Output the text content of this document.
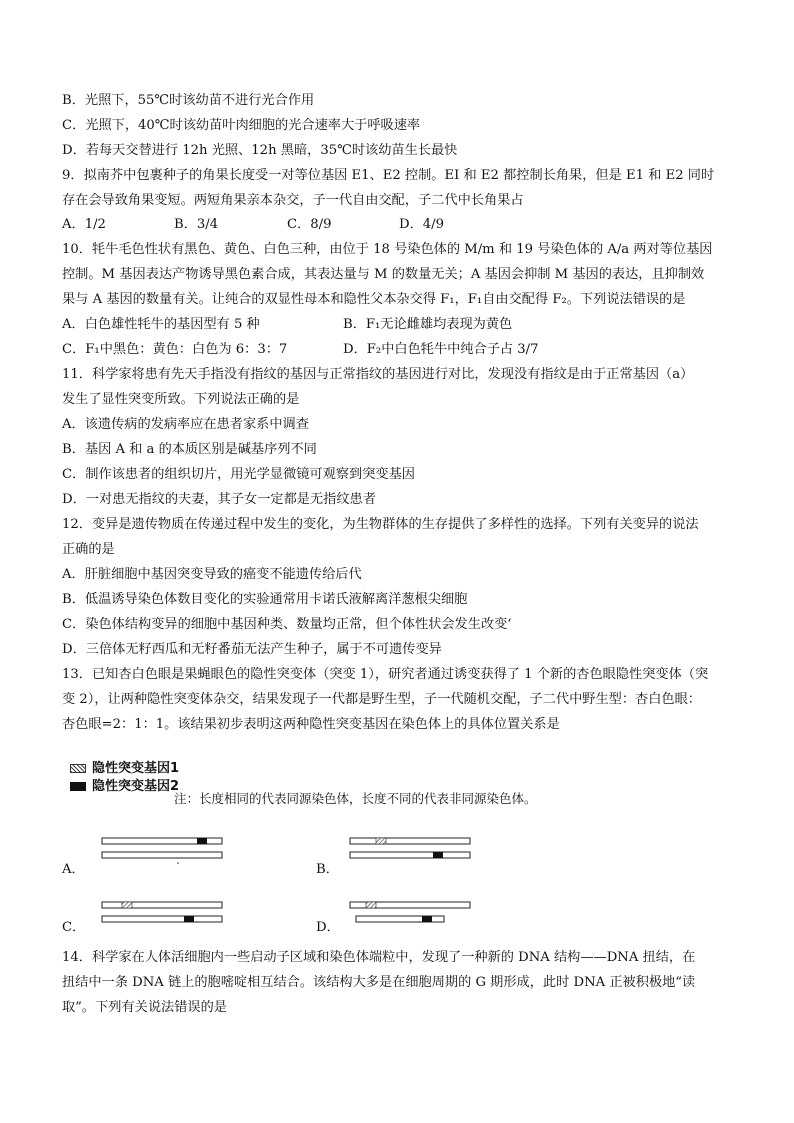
B．光照下，55℃时该幼苗不进行光合作用
C．光照下，40℃时该幼苗叶肉细胞的光合速率大于呼吸速率
D．若每天交替进行 12h 光照、12h 黑暗，35℃时该幼苗生长最快
9．拟南芥中包裹种子的角果长度受一对等位基因 E1、E2 控制。EI 和 E2 都控制长角果，但是 E1 和 E2 同时
存在会导致角果变短。两短角果亲本杂交，子一代自由交配，子二代中长角果占
A．1/2	B．3/4	C．8/9	D．4/9
10．牦牛毛色性状有黑色、黄色、白色三种，由位于 18 号染色体的 M/m 和 19 号染色体的 A/a 两对等位基因
控制。M 基因表达产物诱导黑色素合成，其表达量与 M 的数量无关；A 基因会抑制 M 基因的表达，且抑制效
果与 A 基因的数量有关。让纯合的双显性母本和隐性父本杂交得 F₁，F₁自由交配得 F₂。下列说法错误的是
A．白色雄性牦牛的基因型有 5 种	B．F₁无论雌雄均表现为黄色
C．F₁中黑色：黄色：白色为 6：3：7	D．F₂中白色牦牛中纯合子占 3/7
11．科学家将患有先天手指没有指纹的基因与正常指纹的基因进行对比，发现没有指纹是由于正常基因（a）
发生了显性突变所致。下列说法正确的是
A．该遗传病的发病率应在患者家系中调查
B．基因 A 和 a 的本质区别是碱基序列不同
C．制作该患者的组织切片，用光学显微镜可观察到突变基因
D．一对患无指纹的夫妻，其子女一定都是无指纹患者
12．变异是遗传物质在传递过程中发生的变化，为生物群体的生存提供了多样性的选择。下列有关变异的说法
正确的是
A．肝脏细胞中基因突变导致的癌变不能遗传给后代
B．低温诱导染色体数目变化的实验通常用卡诺氏液解离洋葱根尖细胞
C．染色体结构变异的细胞中基因种类、数量均正常，但个体性状会发生改变‘
D．三倍体无籽西瓜和无籽番茄无法产生种子，属于不可遗传变异
13．已知杏白色眼是果蝇眼色的隐性突变体（突变 1），研究者通过诱变获得了 1 个新的杏色眼隐性突变体（突
变 2），让两种隐性突变体杂交，结果发现子一代都是野生型，子一代随机交配，子二代中野生型：杏白色眼：
杏色眼=2：1：1。该结果初步表明这两种隐性突变基因在染色体上的具体位置关系是
隐性突变基因1
隐性突变基因2
注：长度相同的代表同源染色体，长度不同的代表非同源染色体。
A．	B．
C．	D．
14．科学家在人体活细胞内一些启动子区域和染色体端粒中，发现了一种新的 DNA 结构——DNA 扭结，在
扭结中一条 DNA 链上的胞嘧啶相互结合。该结构大多是在细胞周期的 G 期形成，此时 DNA 正被积极地“读
取”。下列有关说法错误的是
